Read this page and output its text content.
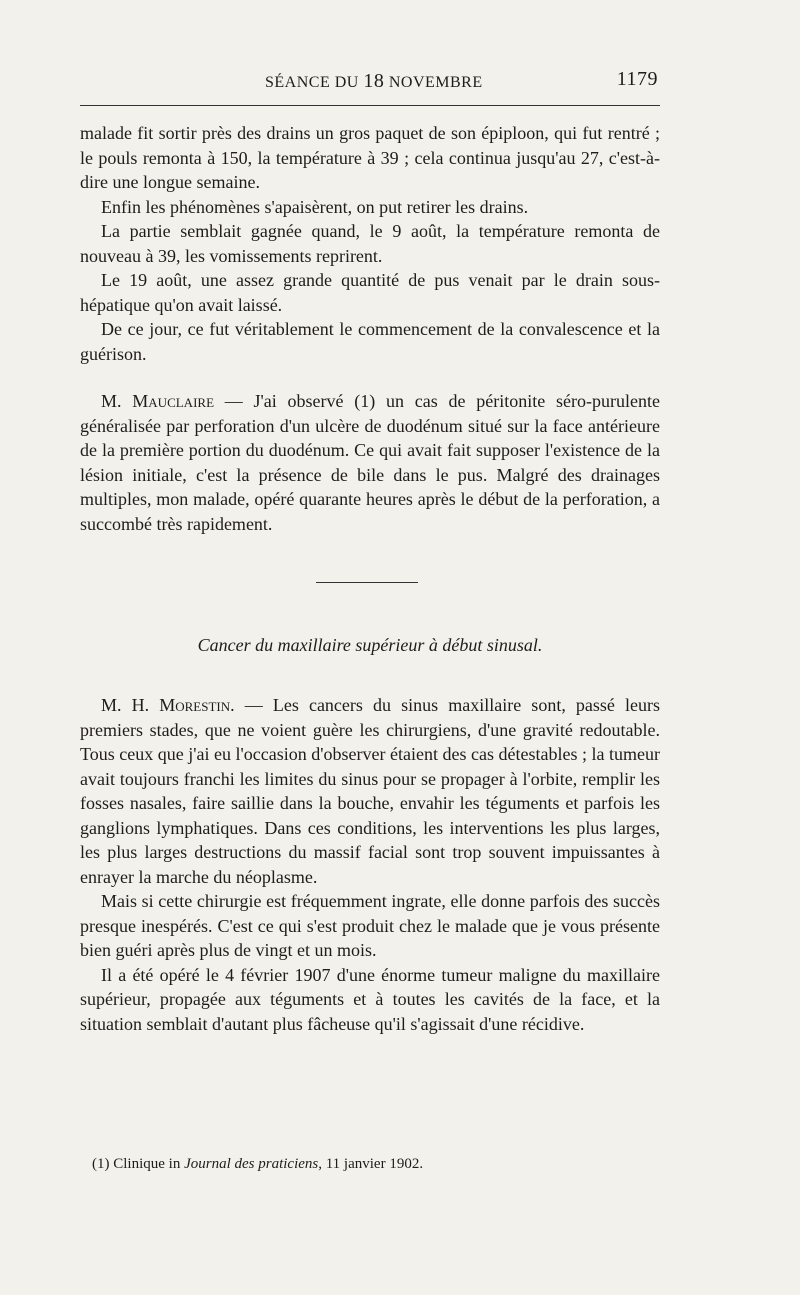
SÉANCE DU 18 NOVEMBRE	1179

malade fit sortir près des drains un gros paquet de son épiploon, qui fut rentré ; le pouls remonta à 150, la température à 39 ; cela continua jusqu'au 27, c'est-à-dire une longue semaine.

Enfin les phénomènes s'apaisèrent, on put retirer les drains.

La partie semblait gagnée quand, le 9 août, la température remonta de nouveau à 39, les vomissements reprirent.

Le 19 août, une assez grande quantité de pus venait par le drain sous-hépatique qu'on avait laissé.

De ce jour, ce fut véritablement le commencement de la convalescence et la guérison.

M. Mauclaire — J'ai observé (1) un cas de péritonite séro-purulente généralisée par perforation d'un ulcère de duodénum situé sur la face antérieure de la première portion du duodénum. Ce qui avait fait supposer l'existence de la lésion initiale, c'est la présence de bile dans le pus. Malgré des drainages multiples, mon malade, opéré quarante heures après le début de la perforation, a succombé très rapidement.

Cancer du maxillaire supérieur à début sinusal.

M. H. Morestin. — Les cancers du sinus maxillaire sont, passé leurs premiers stades, que ne voient guère les chirurgiens, d'une gravité redoutable. Tous ceux que j'ai eu l'occasion d'observer étaient des cas détestables ; la tumeur avait toujours franchi les limites du sinus pour se propager à l'orbite, remplir les fosses nasales, faire saillie dans la bouche, envahir les téguments et parfois les ganglions lymphatiques. Dans ces conditions, les interventions les plus larges, les plus larges destructions du massif facial sont trop souvent impuissantes à enrayer la marche du néoplasme.

Mais si cette chirurgie est fréquemment ingrate, elle donne parfois des succès presque inespérés. C'est ce qui s'est produit chez le malade que je vous présente bien guéri après plus de vingt et un mois.

Il a été opéré le 4 février 1907 d'une énorme tumeur maligne du maxillaire supérieur, propagée aux téguments et à toutes les cavités de la face, et la situation semblait d'autant plus fâcheuse qu'il s'agissait d'une récidive.

(1) Clinique in Journal des praticiens, 11 janvier 1902.
